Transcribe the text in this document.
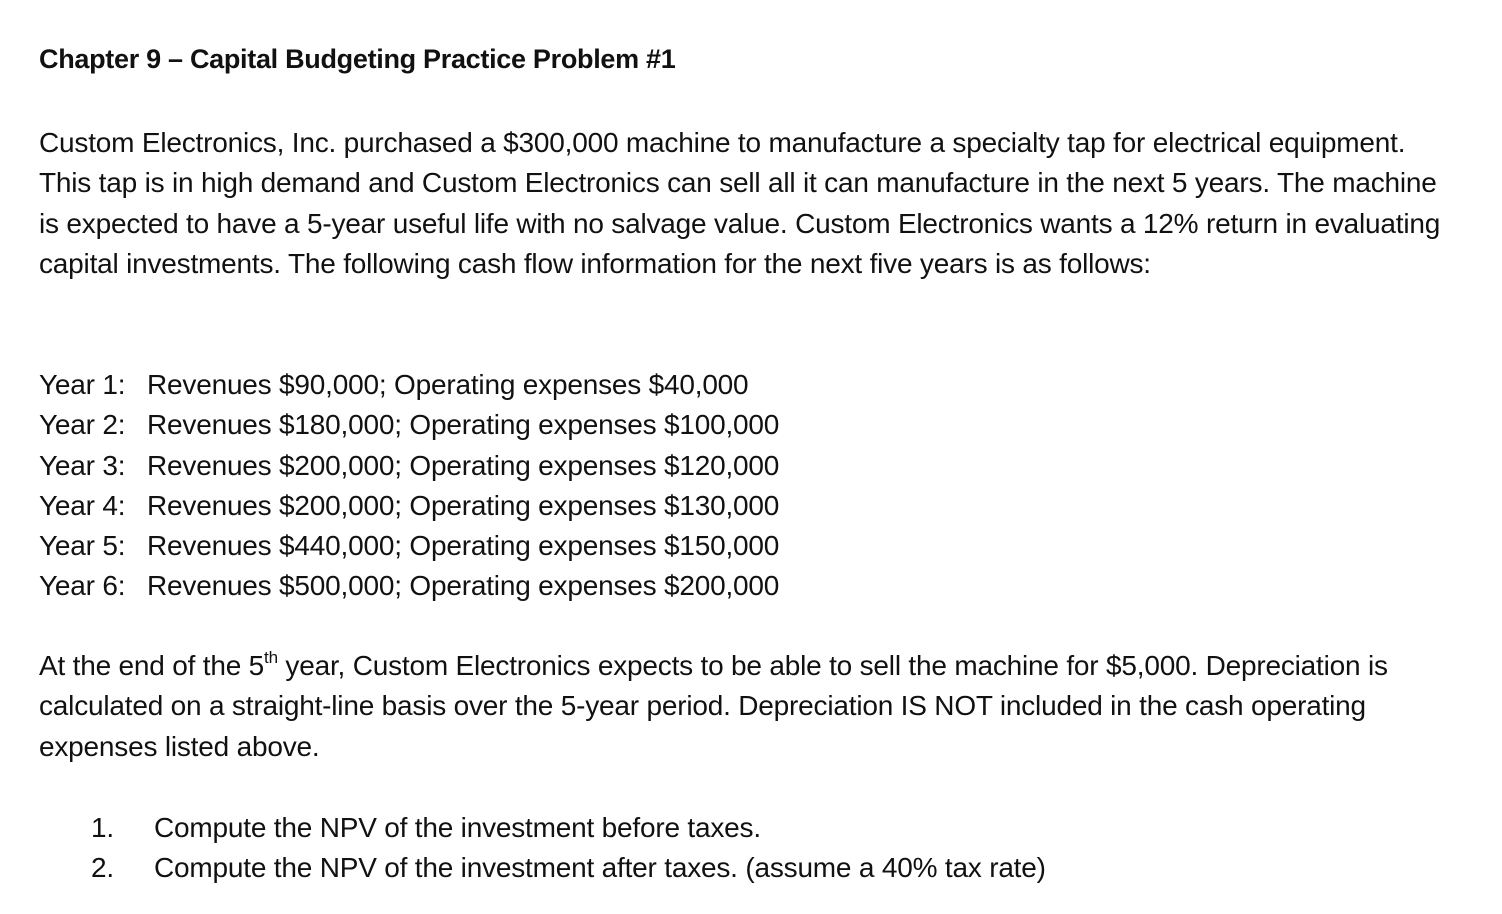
Chapter 9 – Capital Budgeting Practice Problem #1

Custom Electronics, Inc. purchased a $300,000 machine to manufacture a specialty tap for electrical equipment. This tap is in high demand and Custom Electronics can sell all it can manufacture in the next 5 years. The machine is expected to have a 5-year useful life with no salvage value. Custom Electronics wants a 12% return in evaluating capital investments. The following cash flow information for the next five years is as follows:

Year 1: Revenues $90,000; Operating expenses $40,000
Year 2: Revenues $180,000; Operating expenses $100,000
Year 3: Revenues $200,000; Operating expenses $120,000
Year 4: Revenues $200,000; Operating expenses $130,000
Year 5: Revenues $440,000; Operating expenses $150,000
Year 6: Revenues $500,000; Operating expenses $200,000

At the end of the 5th year, Custom Electronics expects to be able to sell the machine for $5,000. Depreciation is calculated on a straight-line basis over the 5-year period. Depreciation IS NOT included in the cash operating expenses listed above.

1.	Compute the NPV of the investment before taxes.
2.	Compute the NPV of the investment after taxes. (assume a 40% tax rate)
